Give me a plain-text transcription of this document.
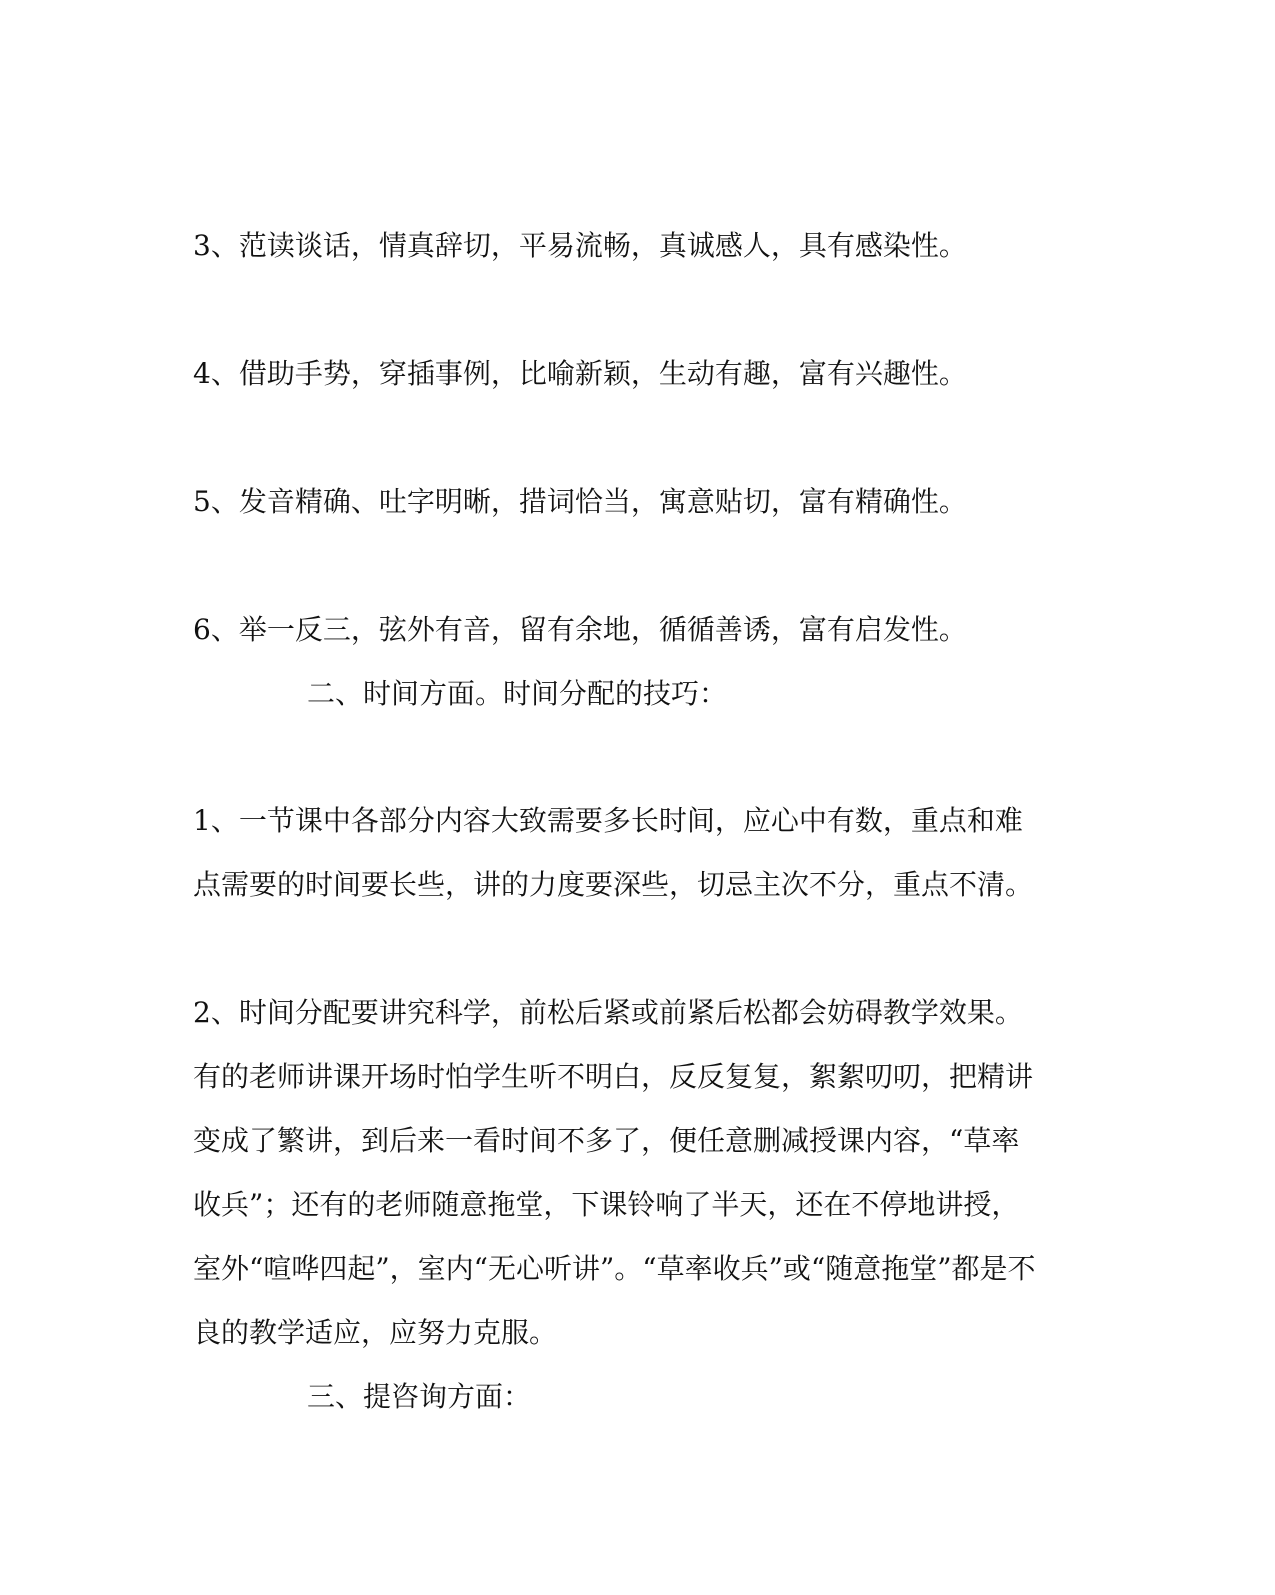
3、范读谈话，情真辞切，平易流畅，真诚感人，具有感染性。

4、借助手势，穿插事例，比喻新颖，生动有趣，富有兴趣性。

5、发音精确、吐字明晰，措词恰当，寓意贴切，富有精确性。

6、举一反三，弦外有音，留有余地，循循善诱，富有启发性。

二、时间方面。时间分配的技巧：

1、一节课中各部分内容大致需要多长时间，应心中有数，重点和难

点需要的时间要长些，讲的力度要深些，切忌主次不分，重点不清。

2、时间分配要讲究科学，前松后紧或前紧后松都会妨碍教学效果。

有的老师讲课开场时怕学生听不明白，反反复复，絮絮叨叨，把精讲

变成了繁讲，到后来一看时间不多了，便任意删减授课内容，“草率

收兵”；还有的老师随意拖堂，下课铃响了半天，还在不停地讲授，

室外“喧哗四起”，室内“无心听讲”。“草率收兵”或“随意拖堂”都是不

良的教学适应，应努力克服。

三、提咨询方面：
